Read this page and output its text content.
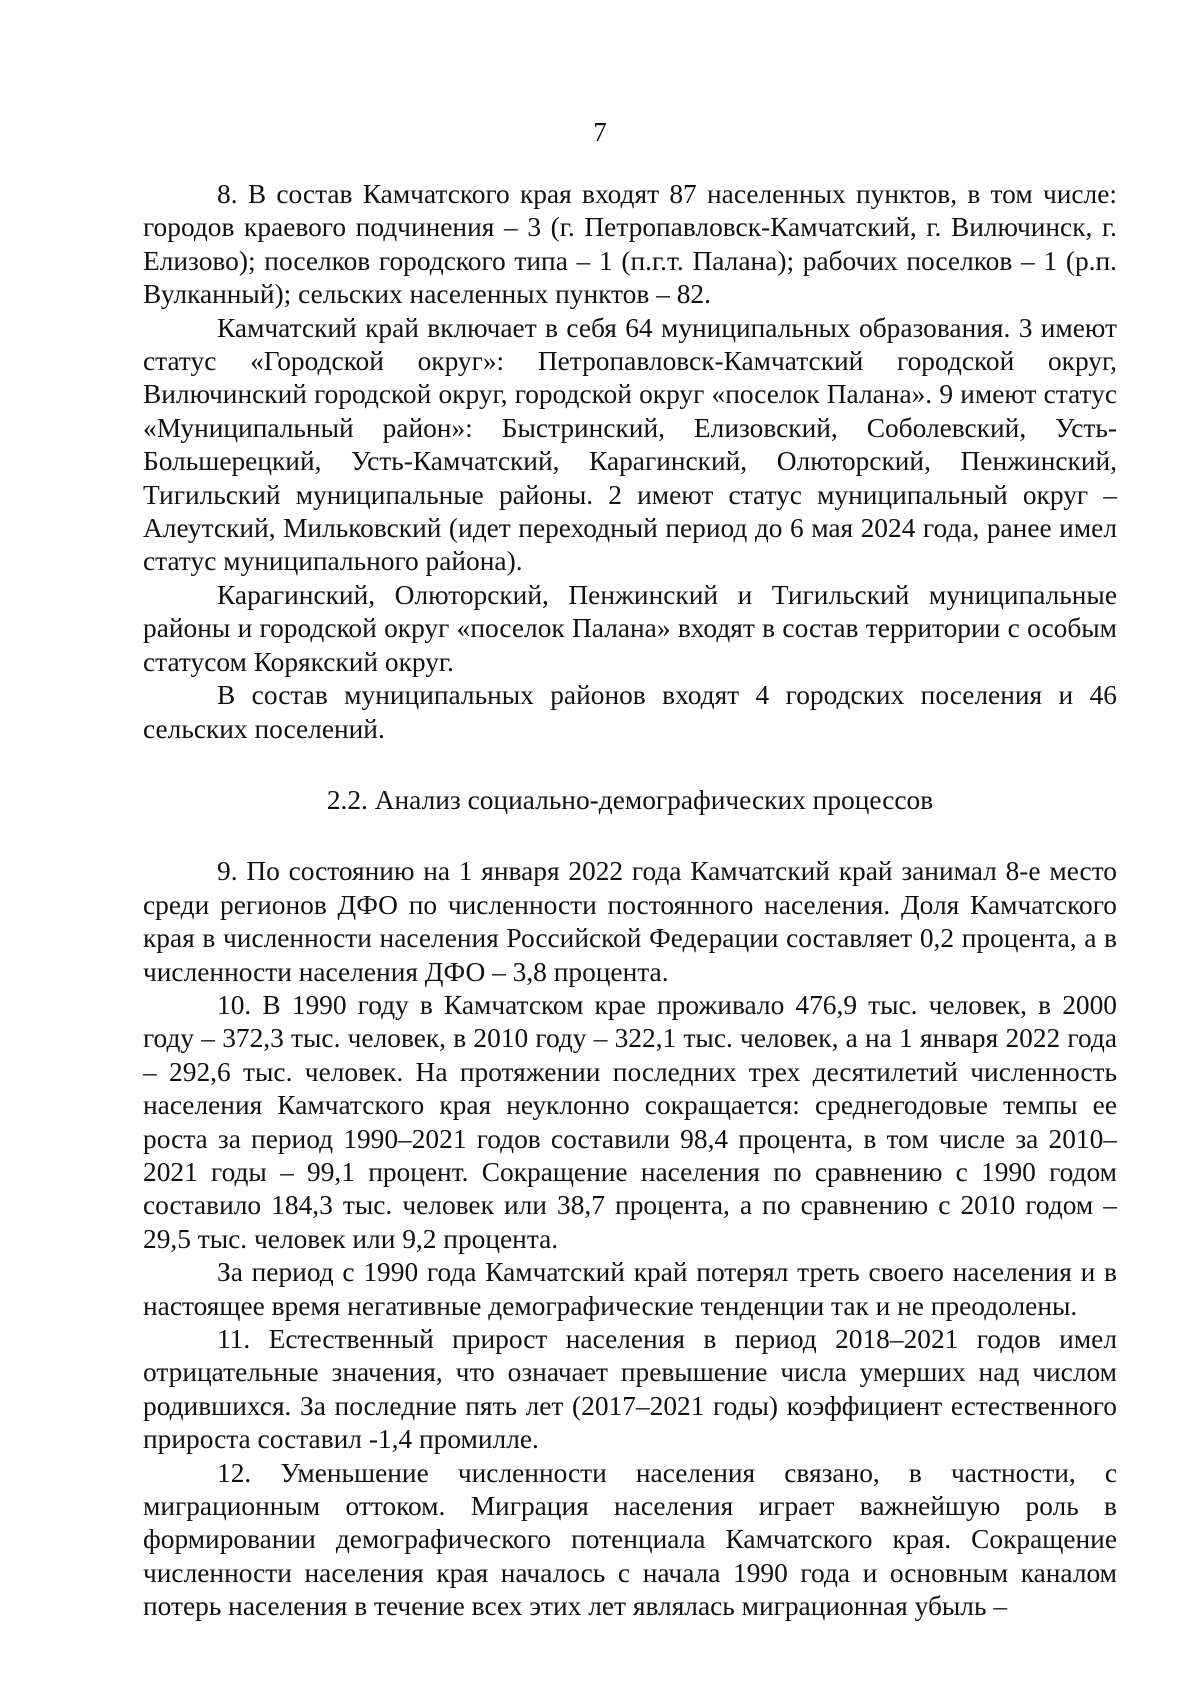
7

8. В состав Камчатского края входят 87 населенных пунктов, в том числе: городов краевого подчинения – 3 (г. Петропавловск-Камчатский, г. Вилючинск, г. Елизово); поселков городского типа – 1 (п.г.т. Палана); рабочих поселков – 1 (р.п. Вулканный); сельских населенных пунктов – 82.

Камчатский край включает в себя 64 муниципальных образования. 3 имеют статус «Городской округ»: Петропавловск-Камчатский городской округ, Вилючинский городской округ, городской округ «поселок Палана». 9 имеют статус «Муниципальный район»: Быстринский, Елизовский, Соболевский, Усть-Большерецкий, Усть-Камчатский, Карагинский, Олюторский, Пенжинский, Тигильский муниципальные районы. 2 имеют статус муниципальный округ – Алеутский, Мильковский (идет переходный период до 6 мая 2024 года, ранее имел статус муниципального района).

Карагинский, Олюторский, Пенжинский и Тигильский муниципальные районы и городской округ «поселок Палана» входят в состав территории с особым статусом Корякский округ.

В состав муниципальных районов входят 4 городских поселения и 46 сельских поселений.

2.2. Анализ социально-демографических процессов

9. По состоянию на 1 января 2022 года Камчатский край занимал 8-е место среди регионов ДФО по численности постоянного населения. Доля Камчатского края в численности населения Российской Федерации составляет 0,2 процента, а в численности населения ДФО – 3,8 процента.

10. В 1990 году в Камчатском крае проживало 476,9 тыс. человек, в 2000 году – 372,3 тыс. человек, в 2010 году – 322,1 тыс. человек, а на 1 января 2022 года – 292,6 тыс. человек. На протяжении последних трех десятилетий численность населения Камчатского края неуклонно сокращается: среднегодовые темпы ее роста за период 1990–2021 годов составили 98,4 процента, в том числе за 2010–2021 годы – 99,1 процент. Сокращение населения по сравнению с 1990 годом составило 184,3 тыс. человек или 38,7 процента, а по сравнению с 2010 годом – 29,5 тыс. человек или 9,2 процента.

За период с 1990 года Камчатский край потерял треть своего населения и в настоящее время негативные демографические тенденции так и не преодолены.

11. Естественный прирост населения в период 2018–2021 годов имел отрицательные значения, что означает превышение числа умерших над числом родившихся. За последние пять лет (2017–2021 годы) коэффициент естественного прироста составил -1,4 промилле.

12. Уменьшение численности населения связано, в частности, с миграционным оттоком. Миграция населения играет важнейшую роль в формировании демографического потенциала Камчатского края. Сокращение численности населения края началось с начала 1990 года и основным каналом потерь населения в течение всех этих лет являлась миграционная убыль –
